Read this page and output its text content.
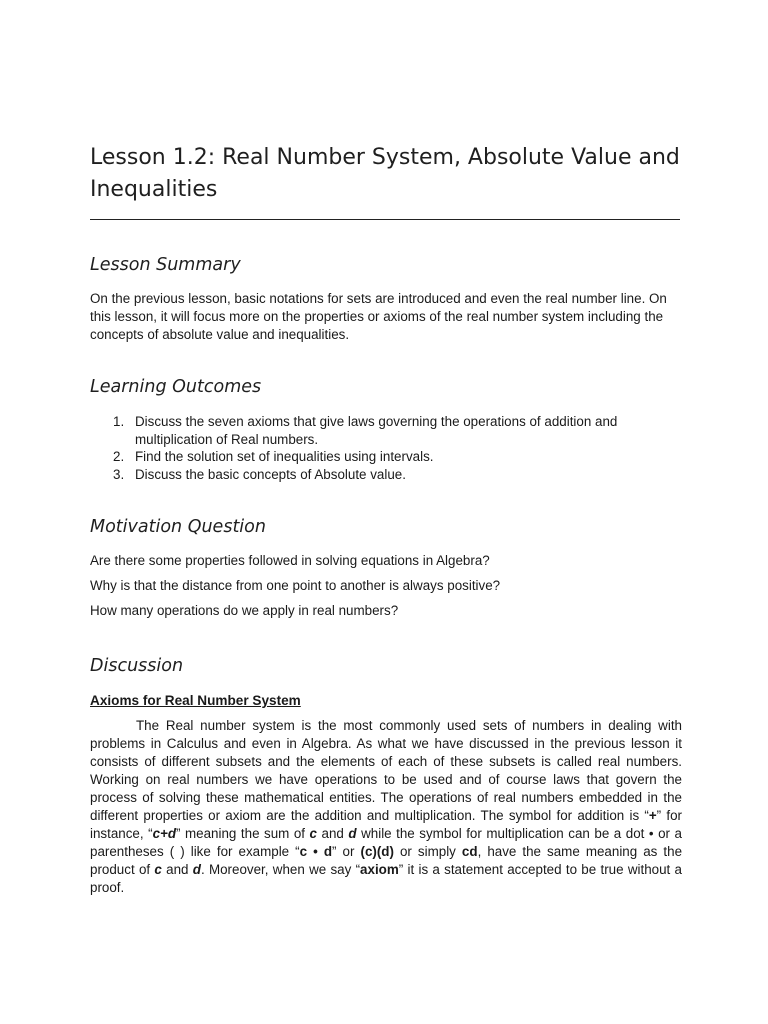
Lesson 1.2: Real Number System, Absolute Value and Inequalities
Lesson Summary

On the previous lesson, basic notations for sets are introduced and even the real number line. On this lesson, it will focus more on the properties or axioms of the real number system including the concepts of absolute value and inequalities.

Learning Outcomes
1. Discuss the seven axioms that give laws governing the operations of addition and multiplication of Real numbers.
2. Find the solution set of inequalities using intervals.
3. Discuss the basic concepts of Absolute value.
Motivation Question

Are there some properties followed in solving equations in Algebra?

Why is that the distance from one point to another is always positive?

How many operations do we apply in real numbers?

Discussion

Axioms for Real Number System

The Real number system is the most commonly used sets of numbers in dealing with problems in Calculus and even in Algebra. As what we have discussed in the previous lesson it consists of different subsets and the elements of each of these subsets is called real numbers. Working on real numbers we have operations to be used and of course laws that govern the process of solving these mathematical entities. The operations of real numbers embedded in the different properties or axiom are the addition and multiplication. The symbol for addition is “+” for instance, “c+d” meaning the sum of c and d while the symbol for multiplication can be a dot • or a parentheses ( ) like for example “c • d” or (c)(d) or simply cd, have the same meaning as the product of c and d. Moreover, when we say “axiom” it is a statement accepted to be true without a proof.
